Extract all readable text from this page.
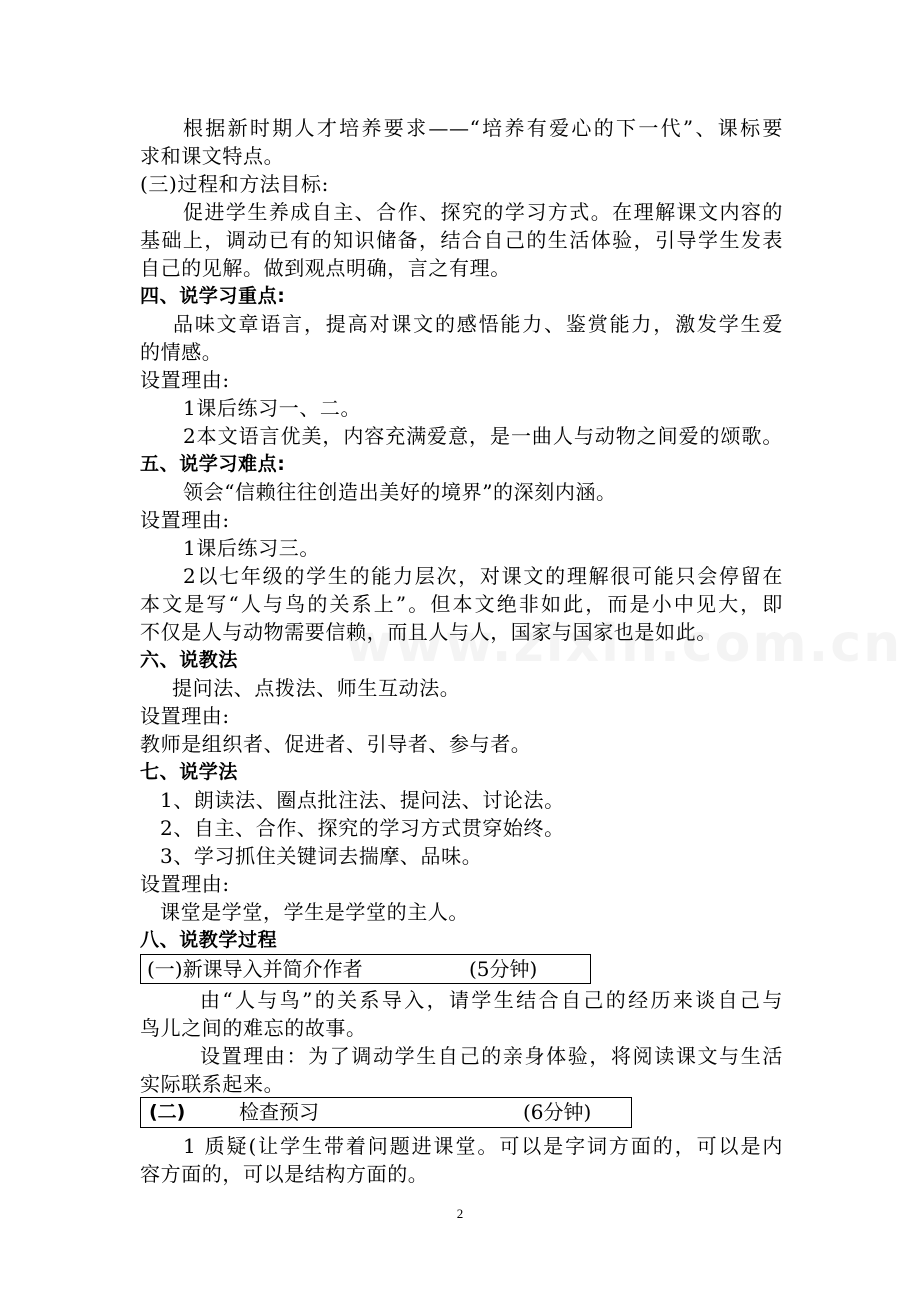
根据新时期人才培养要求——“培养有爱心的下一代”、课标要
求和课文特点。
(三)过程和方法目标:
促进学生养成自主、合作、探究的学习方式。在理解课文内容的
基础上，调动已有的知识储备，结合自己的生活体验，引导学生发表
自己的见解。做到观点明确，言之有理。
四、说学习重点:
品味文章语言，提高对课文的感悟能力、鉴赏能力，激发学生爱
的情感。
设置理由:
1课后练习一、二。
2本文语言优美，内容充满爱意，是一曲人与动物之间爱的颂歌。
五、说学习难点:
领会“信赖往往创造出美好的境界”的深刻内涵。
设置理由:
1课后练习三。
2以七年级的学生的能力层次，对课文的理解很可能只会停留在
本文是写“人与鸟的关系上”。但本文绝非如此，而是小中见大，即
不仅是人与动物需要信赖，而且人与人，国家与国家也是如此。
六、说教法
提问法、点拨法、师生互动法。
设置理由:
教师是组织者、促进者、引导者、参与者。
七、说学法
1、朗读法、圈点批注法、提问法、讨论法。
2、自主、合作、探究的学习方式贯穿始终。
3、学习抓住关键词去揣摩、品味。
设置理由:
课堂是学堂，学生是学堂的主人。
八、说教学过程
(一)新课导入并简介作者	(5分钟)
由“人与鸟”的关系导入，请学生结合自己的经历来谈自己与
鸟儿之间的难忘的故事。
设置理由：为了调动学生自己的亲身体验，将阅读课文与生活
实际联系起来。
(二)	检查预习	(6分钟)
1 质疑(让学生带着问题进课堂。可以是字词方面的，可以是内
容方面的，可以是结构方面的。
2
